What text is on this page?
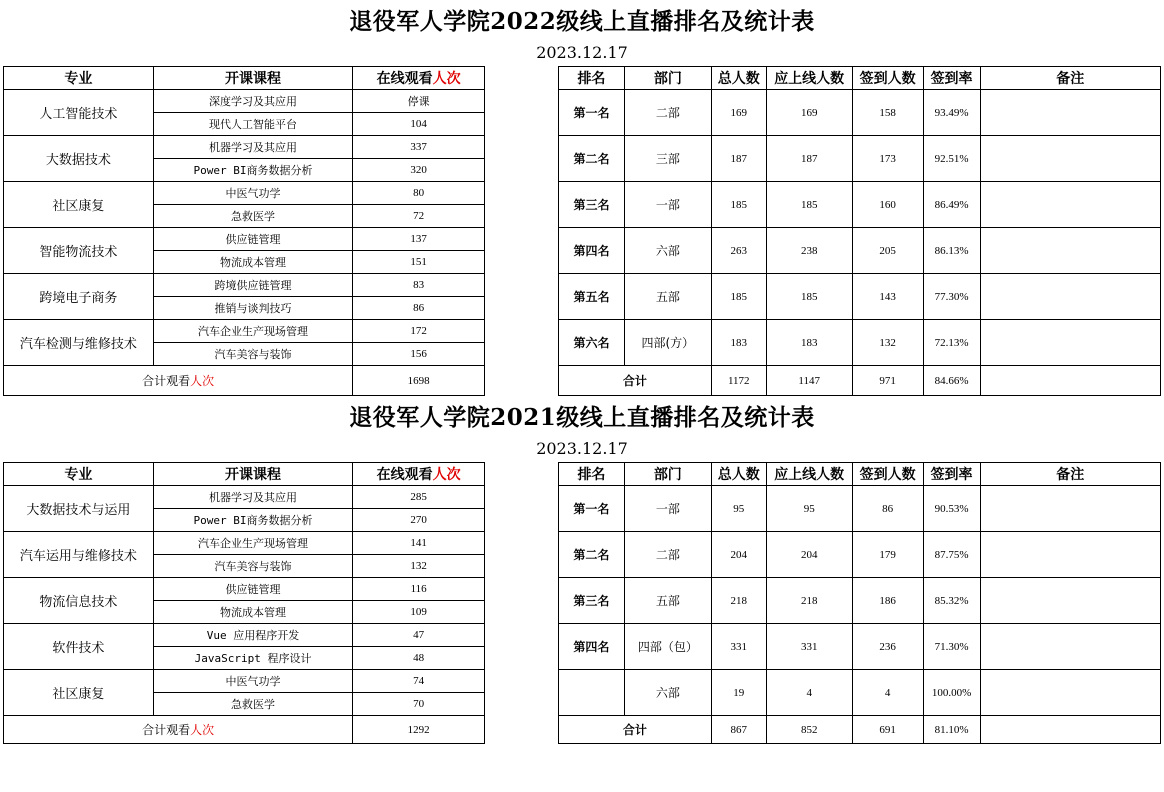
退役军人学院2022级线上直播排名及统计表
2023.12.17
专业	开课课程	在线观看人次
人工智能技术	深度学习及其应用	停课
	现代人工智能平台	104
大数据技术	机器学习及其应用	337
	Power BI商务数据分析	320
社区康复	中医气功学	80
	急救医学	72
智能物流技术	供应链管理	137
	物流成本管理	151
跨境电子商务	跨境供应链管理	83
	推销与谈判技巧	86
汽车检测与维修技术	汽车企业生产现场管理	172
	汽车美容与装饰	156
合计观看人次		1698
排名	部门	总人数	应上线人数	签到人数	签到率	备注
第一名	二部	169	169	158	93.49%	
第二名	三部	187	187	173	92.51%	
第三名	一部	185	185	160	86.49%	
第四名	六部	263	238	205	86.13%	
第五名	五部	185	185	143	77.30%	
第六名	四部(方）	183	183	132	72.13%	
合计		1172	1147	971	84.66%	
退役军人学院2021级线上直播排名及统计表
2023.12.17
专业	开课课程	在线观看人次
大数据技术与运用	机器学习及其应用	285
	Power BI商务数据分析	270
汽车运用与维修技术	汽车企业生产现场管理	141
	汽车美容与装饰	132
物流信息技术	供应链管理	116
	物流成本管理	109
软件技术	Vue 应用程序开发	47
	JavaScript 程序设计	48
社区康复	中医气功学	74
	急救医学	70
合计观看人次		1292
排名	部门	总人数	应上线人数	签到人数	签到率	备注
第一名	一部	95	95	86	90.53%	
第二名	二部	204	204	179	87.75%	
第三名	五部	218	218	186	85.32%	
第四名	四部（包）	331	331	236	71.30%	
	六部	19	4	4	100.00%	
合计		867	852	691	81.10%	
